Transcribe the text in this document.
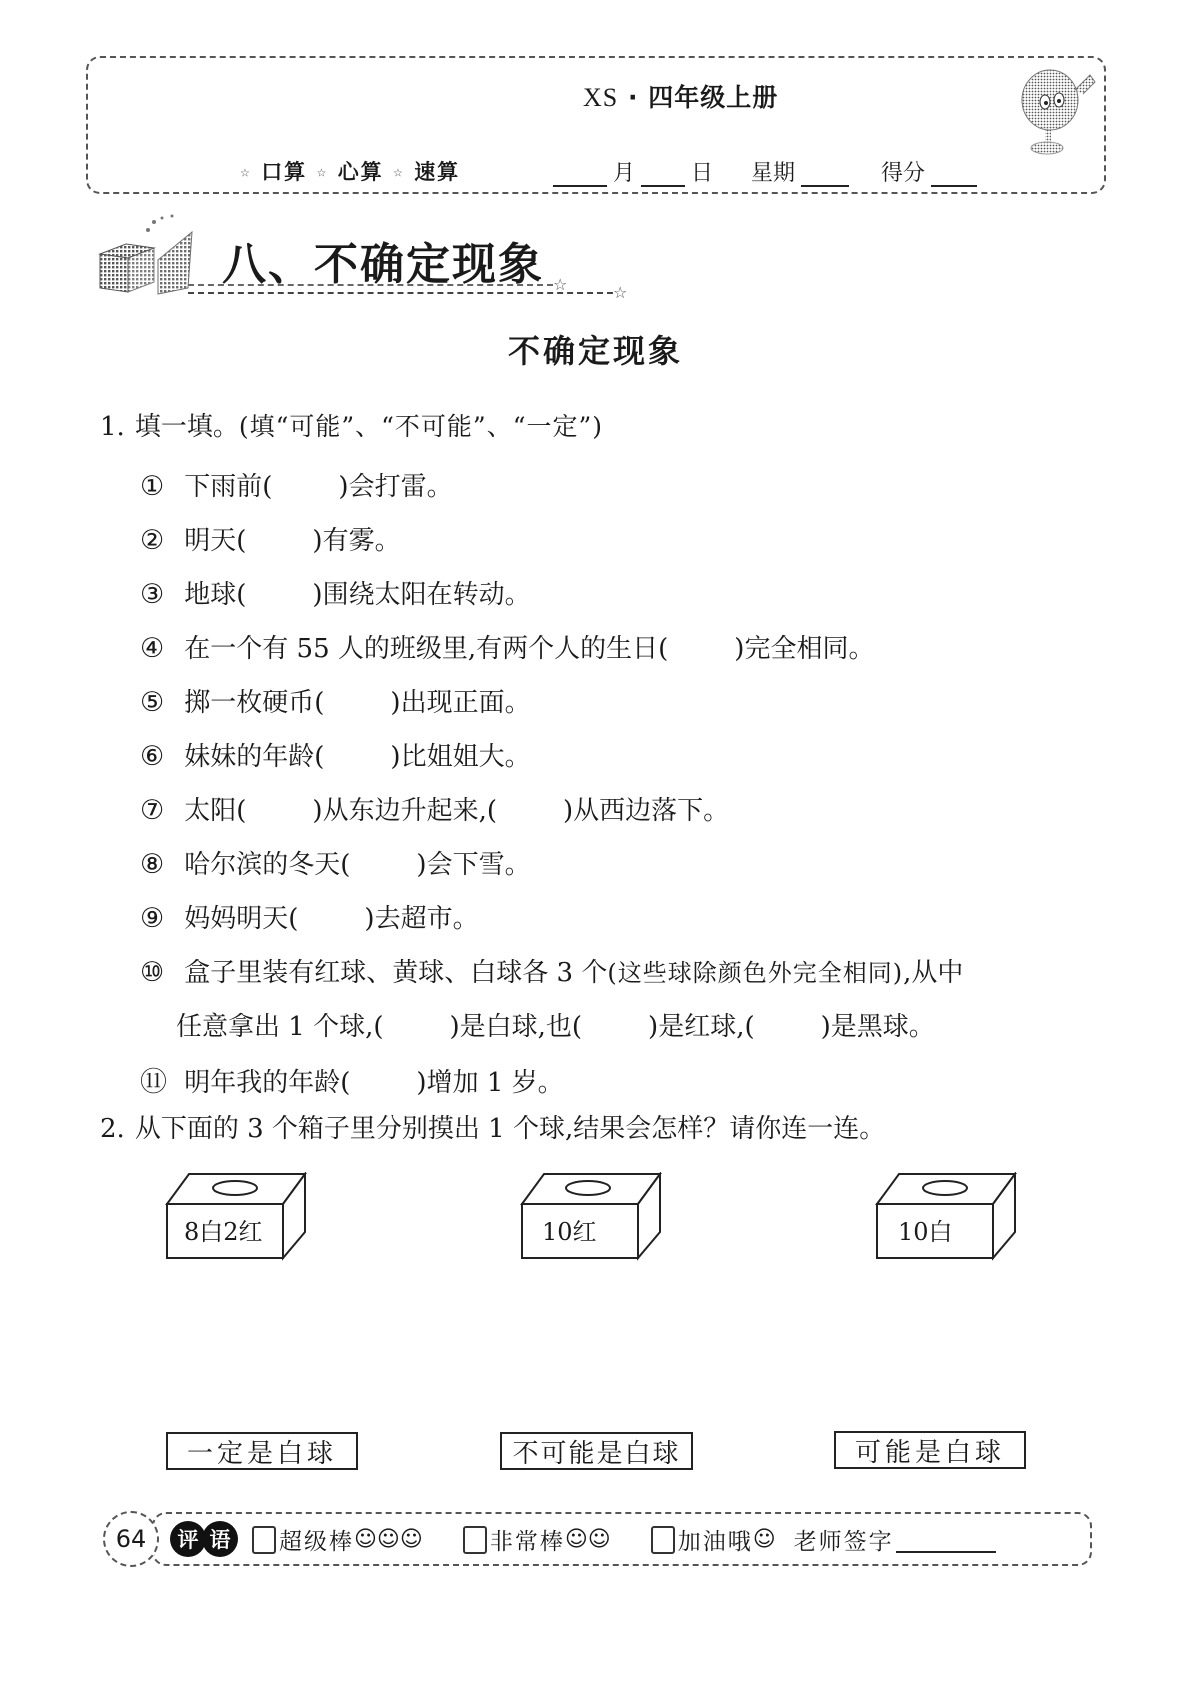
XS · 四年级上册
☆ 口算 ☆ 心算 ☆ 速算	月	日 星期	得分
八、不确定现象 ☆	☆
不确定现象
1. 填一填。(填“可能”、“不可能”、“一定”)
① 下雨前(	)会打雷。
② 明天(	)有雾。
③ 地球(	)围绕太阳在转动。
④ 在一个有 55 人的班级里,有两个人的生日(	)完全相同。
⑤ 掷一枚硬币(	)出现正面。
⑥ 妹妹的年龄(	)比姐姐大。
⑦ 太阳(	)从东边升起来,(	)从西边落下。
⑧ 哈尔滨的冬天(	)会下雪。
⑨ 妈妈明天(	)去超市。
⑩ 盒子里装有红球、黄球、白球各 3 个(这些球除颜色外完全相同),从中
任意拿出 1 个球,(	)是白球,也(	)是红球,(	)是黑球。
⑪ 明年我的年龄(	)增加 1 岁。
2. 从下面的 3 个箱子里分别摸出 1 个球,结果会怎样？请你连一连。
8白2红	10红	10白
一定是白球	不可能是白球	可能是白球
64	评 语	超级棒 ☺☺☺	非常棒 ☺☺	加油哦 ☺ 老师签字
